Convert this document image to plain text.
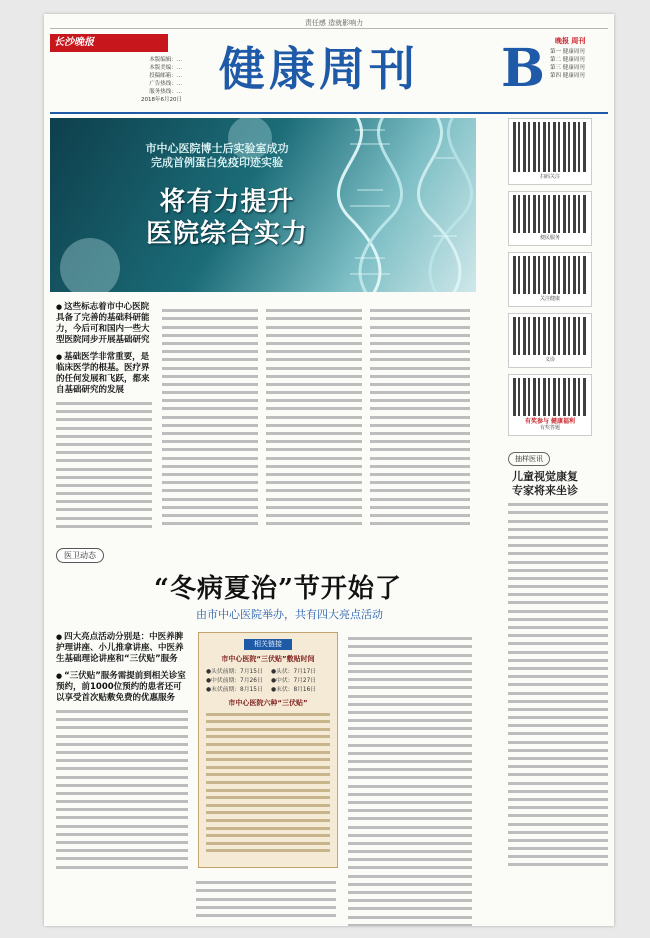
责任感 造就影响力
长沙晚报
本版编辑：...
本版美编：...
投稿邮箱：...
广告热线：...
服务热线：...
2018年6月20日
健康周刊 B 晚报 周刊
第一 健康周刊
第二 健康周刊
第三 健康周刊
第四 健康周刊
市中心医院博士后实验室成功
完成首例蛋白免疫印迹实验
将有力提升
医院综合实力
扫码关注
便民服务
关注健康
义诊
有奖参与 健康福利
有奖答题
抽样医讯
儿童视觉康复
专家将来坐诊
● 这些标志着市中心医院具备了完善的基础科研能力，今后可和国内一些大型医院同步开展基础研究
● 基础医学非常重要，是临床医学的根基。医疗界的任何发展和飞跃，都来自基础研究的发展
医卫动态
“冬病夏治”节开始了
由市中心医院举办，共有四大亮点活动
● 四大亮点活动分别是：中医养脾护理讲座、小儿推拿讲座、中医养生基础理论讲座和“三伏贴”服务
● “三伏贴”服务需提前到相关诊室预约，前1000位预约的患者还可以享受首次贴敷免费的优惠服务
相关链接
市中心医院“三伏贴”敷贴时间
●头伏前期：7月15日	●头伏：7月17日
●中伏前期：7月26日	●中伏：7月27日
●末伏前期：8月15日	●末伏：8月16日
市中心医院六种“三伏贴”
